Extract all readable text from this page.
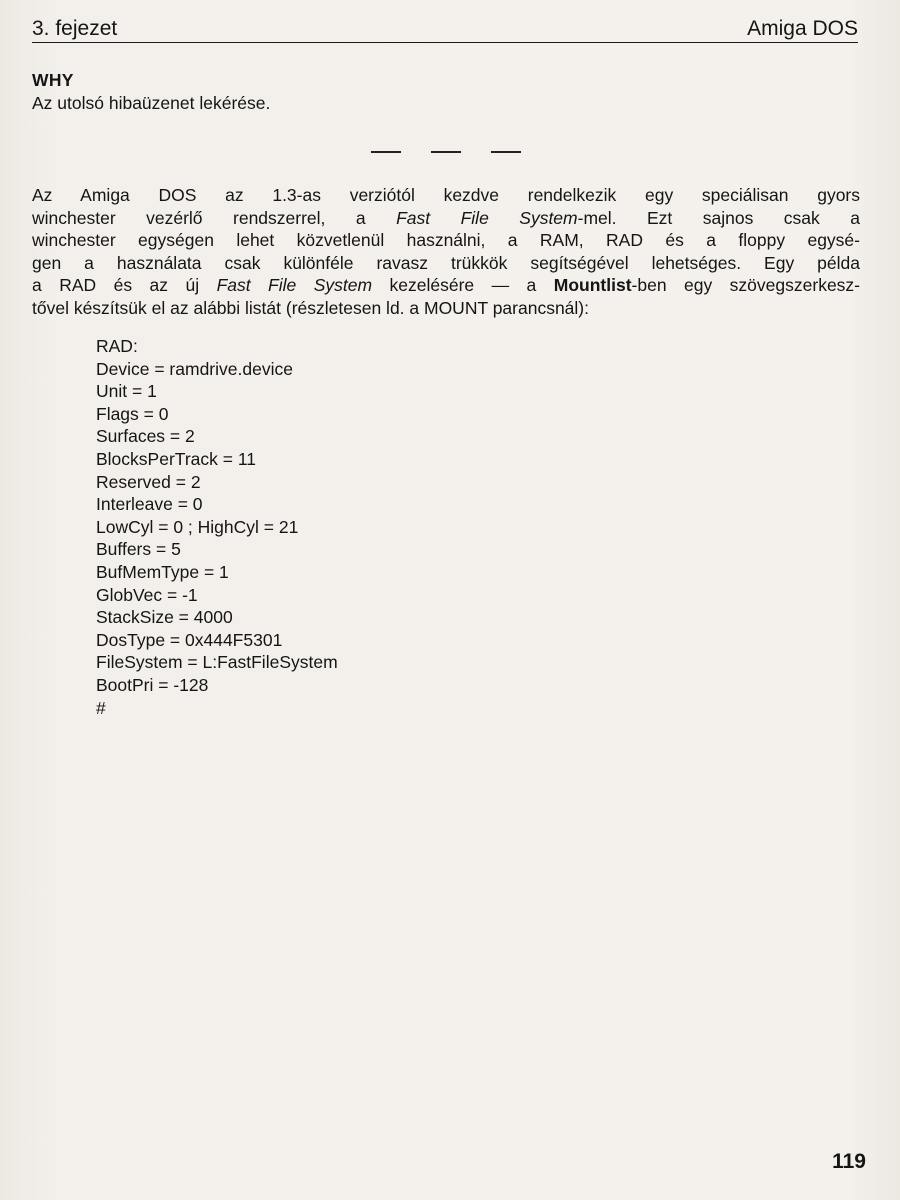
3. fejezet	Amiga DOS
WHY
Az utolsó hibaüzenet lekérése.
Az Amiga DOS az 1.3-as verziótól kezdve rendelkezik egy speciálisan gyors
winchester vezérlő rendszerrel, a Fast File System-mel. Ezt sajnos csak a
winchester egységen lehet közvetlenül használni, a RAM, RAD és a floppy egysé-
gen a használata csak különféle ravasz trükkök segítségével lehetséges. Egy példa
a RAD és az új Fast File System kezelésére — a Mountlist-ben egy szövegszerkesz-
tővel készítsük el az alábbi listát (részletesen ld. a MOUNT parancsnál):
RAD:
Device = ramdrive.device
Unit = 1
Flags = 0
Surfaces = 2
BlocksPerTrack = 11
Reserved = 2
Interleave = 0
LowCyl = 0 ; HighCyl = 21
Buffers = 5
BufMemType = 1
GlobVec = -1
StackSize = 4000
DosType = 0x444F5301
FileSystem = L:FastFileSystem
BootPri = -128
#
119
